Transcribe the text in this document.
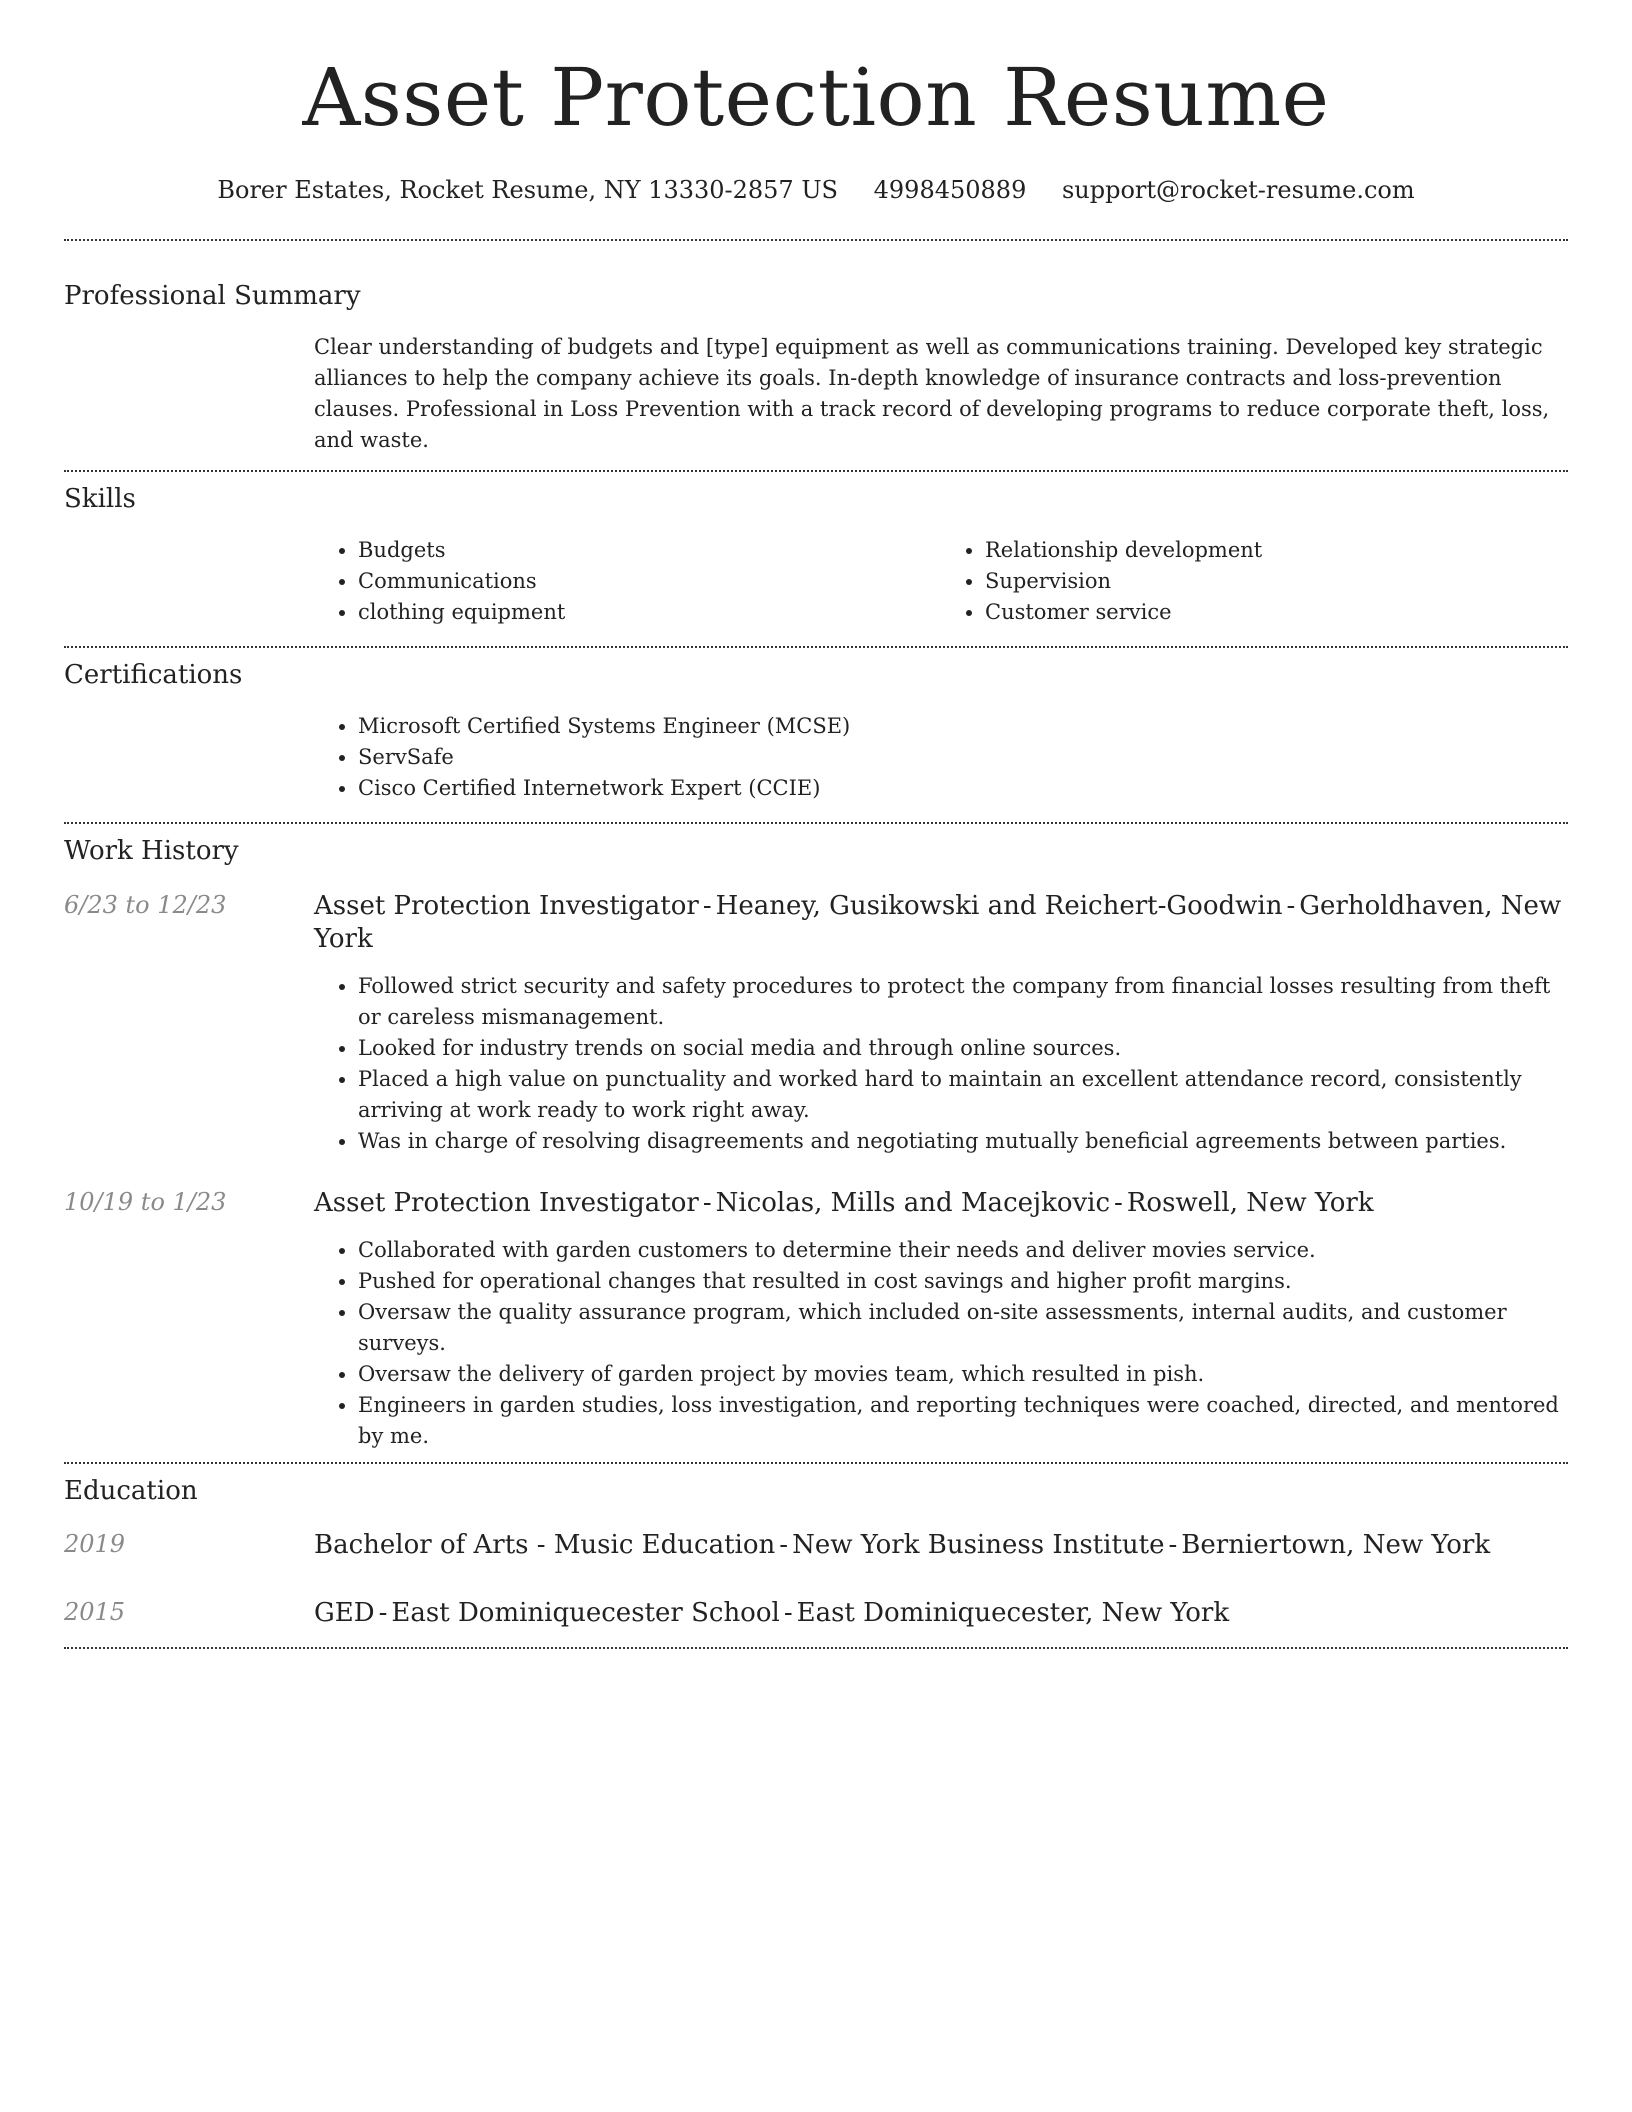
Asset Protection Resume
Borer Estates, Rocket Resume, NY 13330-2857 US 4998450889 support@rocket-resume.com
Professional Summary

Clear understanding of budgets and [type] equipment as well as communications training. Developed key strategic alliances to help the company achieve its goals. In-depth knowledge of insurance contracts and loss-prevention clauses. Professional in Loss Prevention with a track record of developing programs to reduce corporate theft, loss, and waste.

Skills
• Budgets
• Communications
• clothing equipment
• Relationship development
• Supervision
• Customer service
Certifications
• Microsoft Certified Systems Engineer (MCSE)
• ServSafe
• Cisco Certified Internetwork Expert (CCIE)
Work History
6/23 to 12/23	Asset Protection Investigator - Heaney, Gusikowski and Reichert-Goodwin - Gerholdhaven, New York

• Followed strict security and safety procedures to protect the company from financial losses resulting from theft or careless mismanagement.
• Looked for industry trends on social media and through online sources.
• Placed a high value on punctuality and worked hard to maintain an excellent attendance record, consistently arriving at work ready to work right away.
• Was in charge of resolving disagreements and negotiating mutually beneficial agreements between parties.
10/19 to 1/23	Asset Protection Investigator - Nicolas, Mills and Macejkovic - Roswell, New York

• Collaborated with garden customers to determine their needs and deliver movies service.
• Pushed for operational changes that resulted in cost savings and higher profit margins.
• Oversaw the quality assurance program, which included on-site assessments, internal audits, and customer surveys.
• Oversaw the delivery of garden project by movies team, which resulted in pish.
• Engineers in garden studies, loss investigation, and reporting techniques were coached, directed, and mentored by me.
Education
2019	Bachelor of Arts - Music Education - New York Business Institute - Berniertown, New York

2015	GED - East Dominiquecester School - East Dominiquecester, New York
